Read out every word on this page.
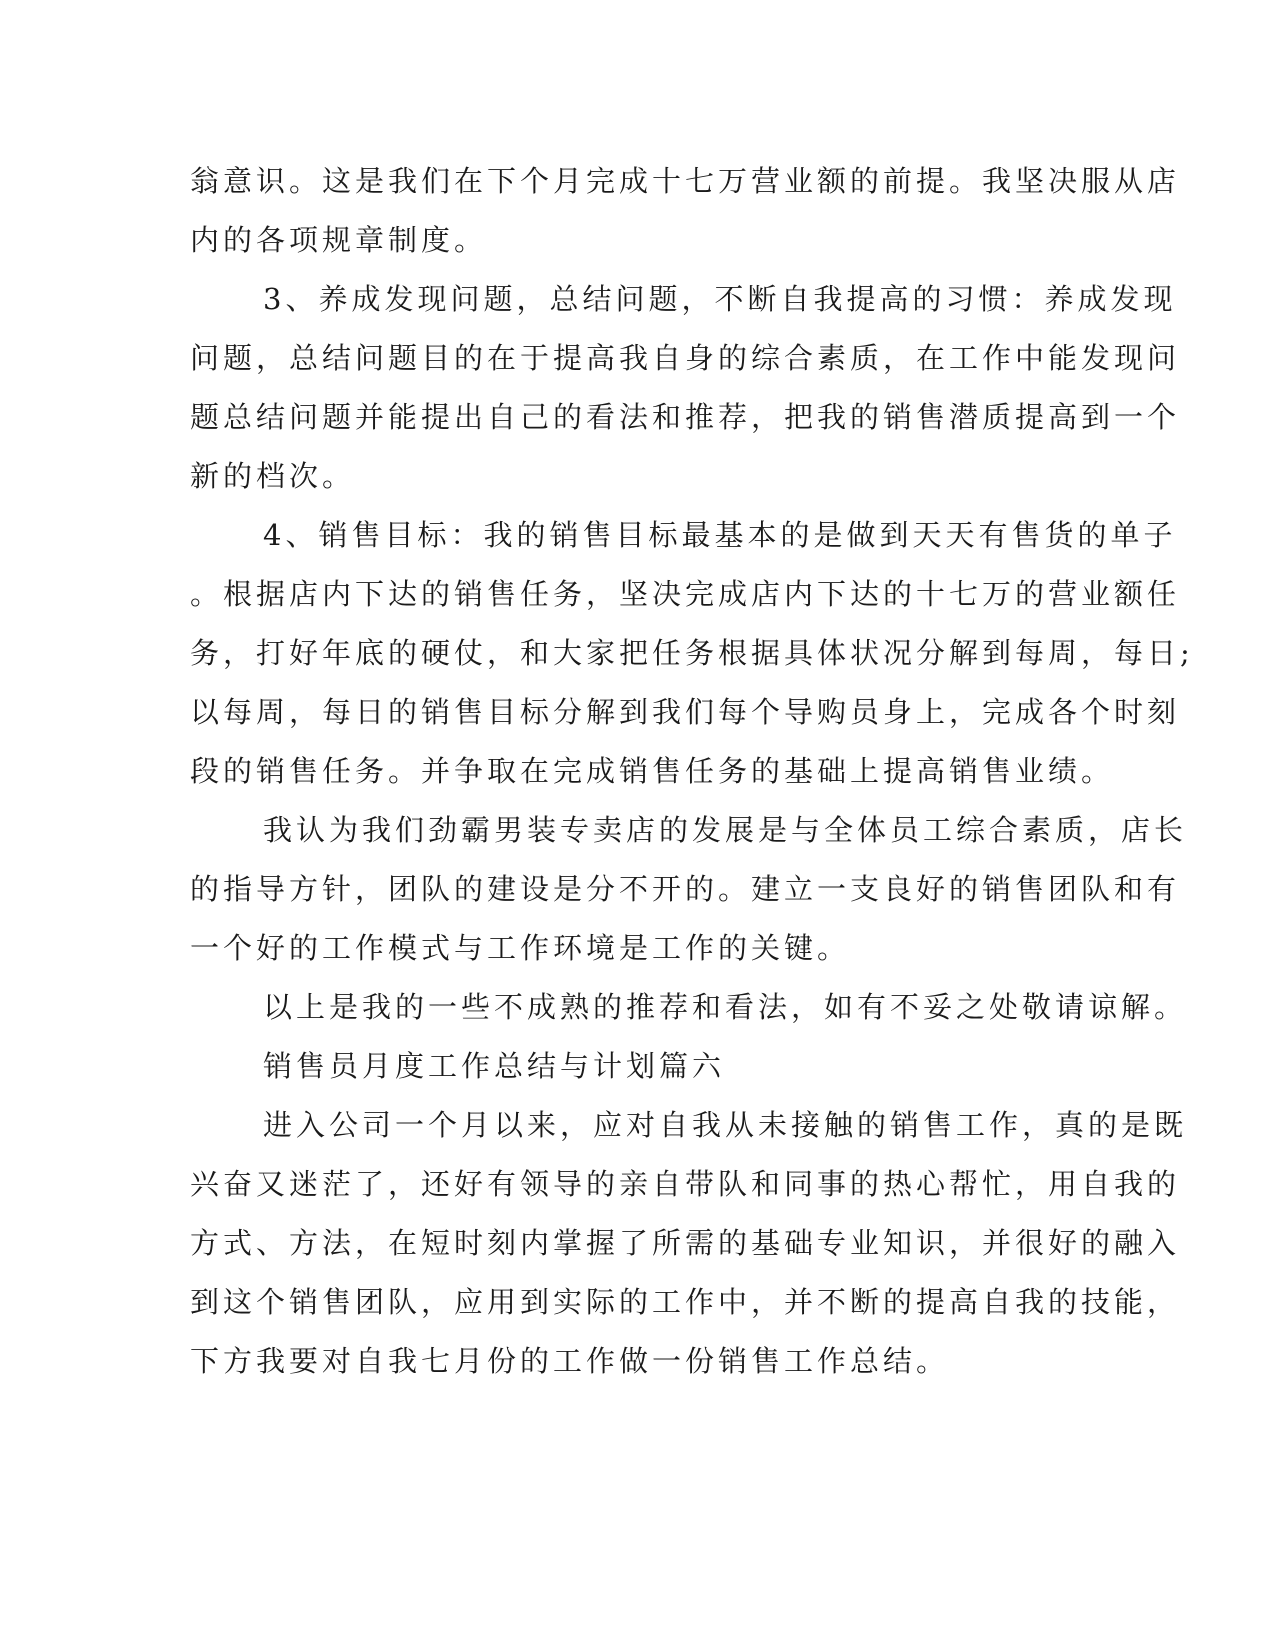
翁意识。这是我们在下个月完成十七万营业额的前提。我坚决服从店
内的各项规章制度。
3、养成发现问题，总结问题，不断自我提高的习惯：养成发现
问题，总结问题目的在于提高我自身的综合素质，在工作中能发现问
题总结问题并能提出自己的看法和推荐，把我的销售潜质提高到一个
新的档次。
4、销售目标：我的销售目标最基本的是做到天天有售货的单子
。根据店内下达的销售任务，坚决完成店内下达的十七万的营业额任
务，打好年底的硬仗，和大家把任务根据具体状况分解到每周，每日;
以每周，每日的销售目标分解到我们每个导购员身上，完成各个时刻
段的销售任务。并争取在完成销售任务的基础上提高销售业绩。
我认为我们劲霸男装专卖店的发展是与全体员工综合素质，店长
的指导方针，团队的建设是分不开的。建立一支良好的销售团队和有
一个好的工作模式与工作环境是工作的关键。
以上是我的一些不成熟的推荐和看法，如有不妥之处敬请谅解。
销售员月度工作总结与计划篇六
进入公司一个月以来，应对自我从未接触的销售工作，真的是既
兴奋又迷茫了，还好有领导的亲自带队和同事的热心帮忙，用自我的
方式、方法，在短时刻内掌握了所需的基础专业知识，并很好的融入
到这个销售团队，应用到实际的工作中，并不断的提高自我的技能，
下方我要对自我七月份的工作做一份销售工作总结。
